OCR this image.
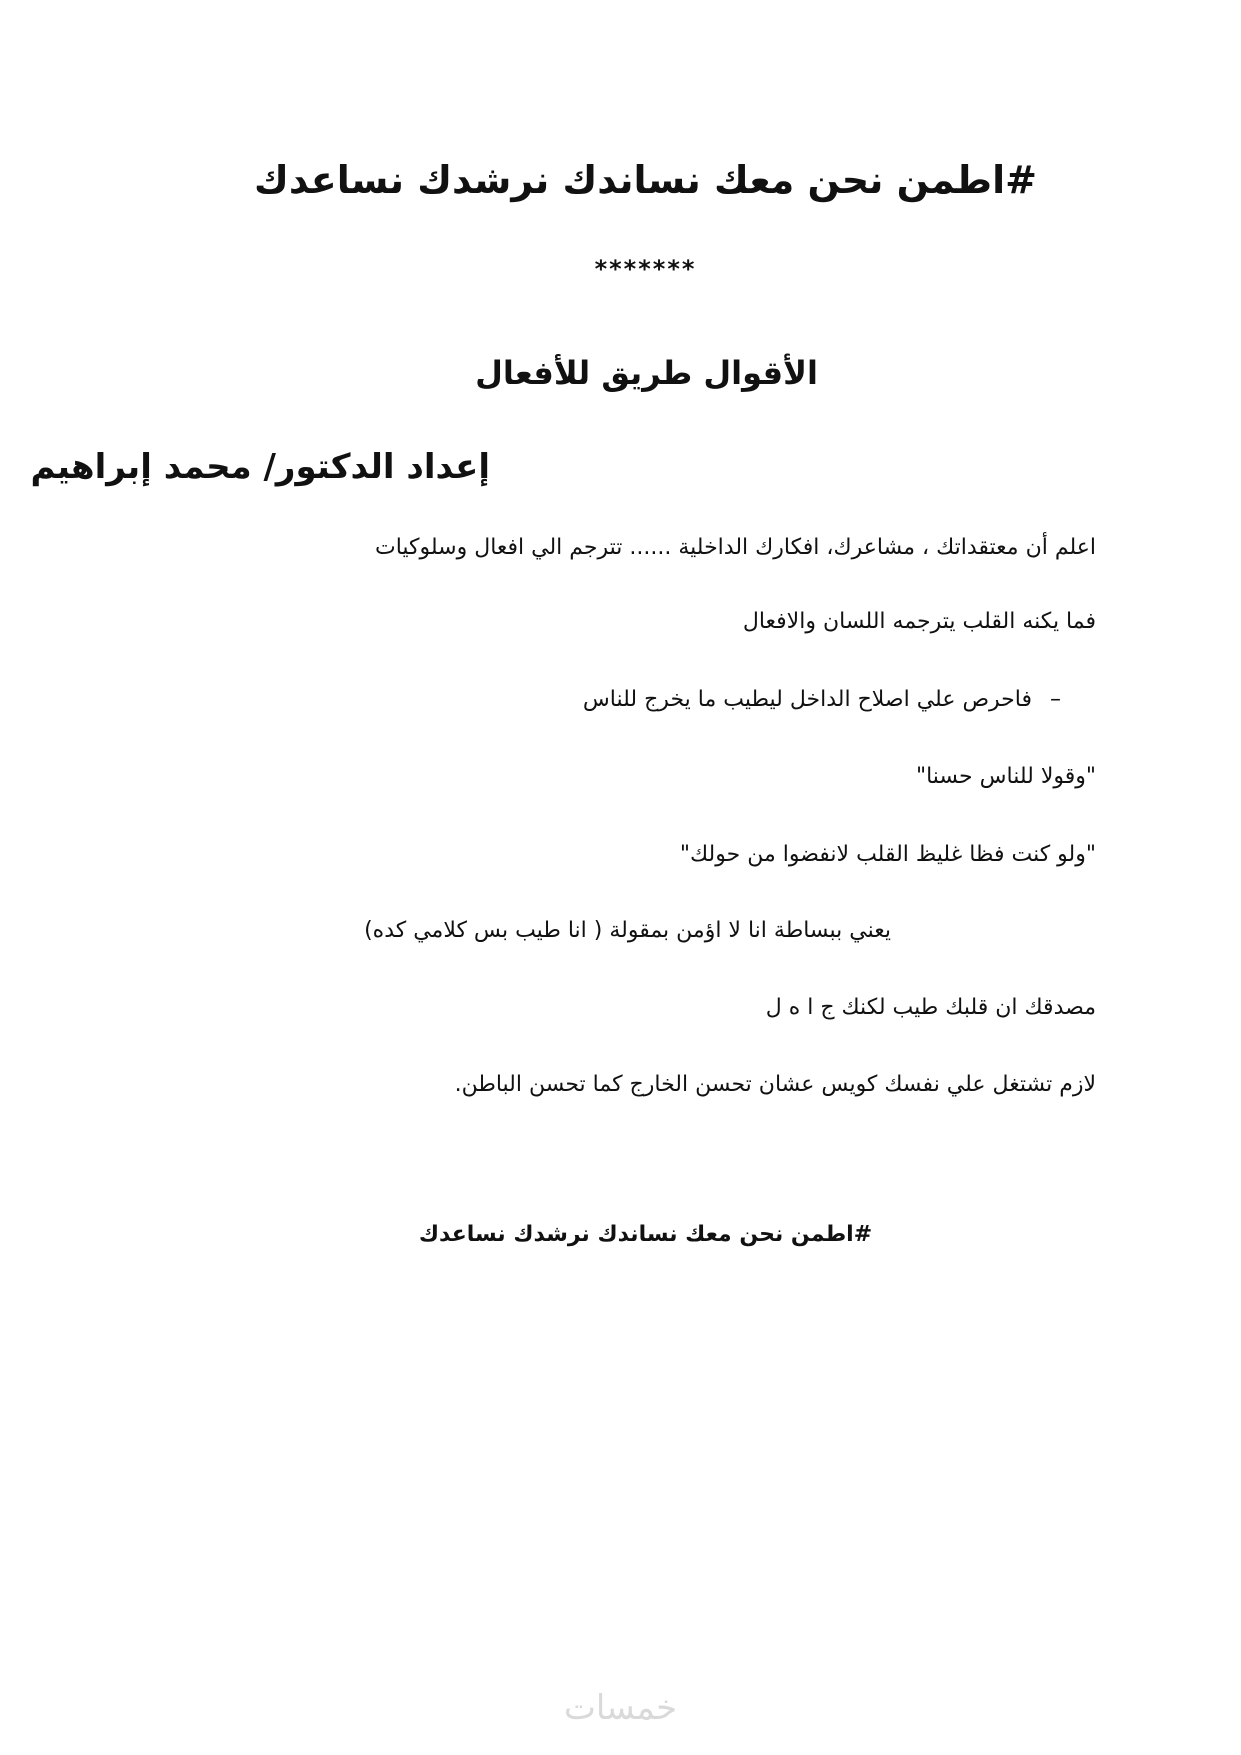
#اطمن نحن معك نساندك نرشدك نساعدك
*******
الأقوال طريق للأفعال
إعداد الدكتور/ محمد إبراهيم
اعلم أن معتقداتك ، مشاعرك، افكارك الداخلية ...... تترجم الي افعال وسلوكيات
فما يكنه القلب يترجمه اللسان والافعال
–فاحرص علي اصلاح الداخل ليطيب ما يخرج للناس
"وقولا للناس حسنا"
"ولو كنت فظا غليظ القلب لانفضوا من حولك"
يعني ببساطة انا لا اؤمن بمقولة ( انا طيب بس كلامي كده)
مصدقك ان قلبك طيب لكنك ج ا ه ل
لازم تشتغل علي نفسك كويس عشان تحسن الخارج كما تحسن الباطن.
#اطمن نحن معك نساندك نرشدك نساعدك
خمسات
